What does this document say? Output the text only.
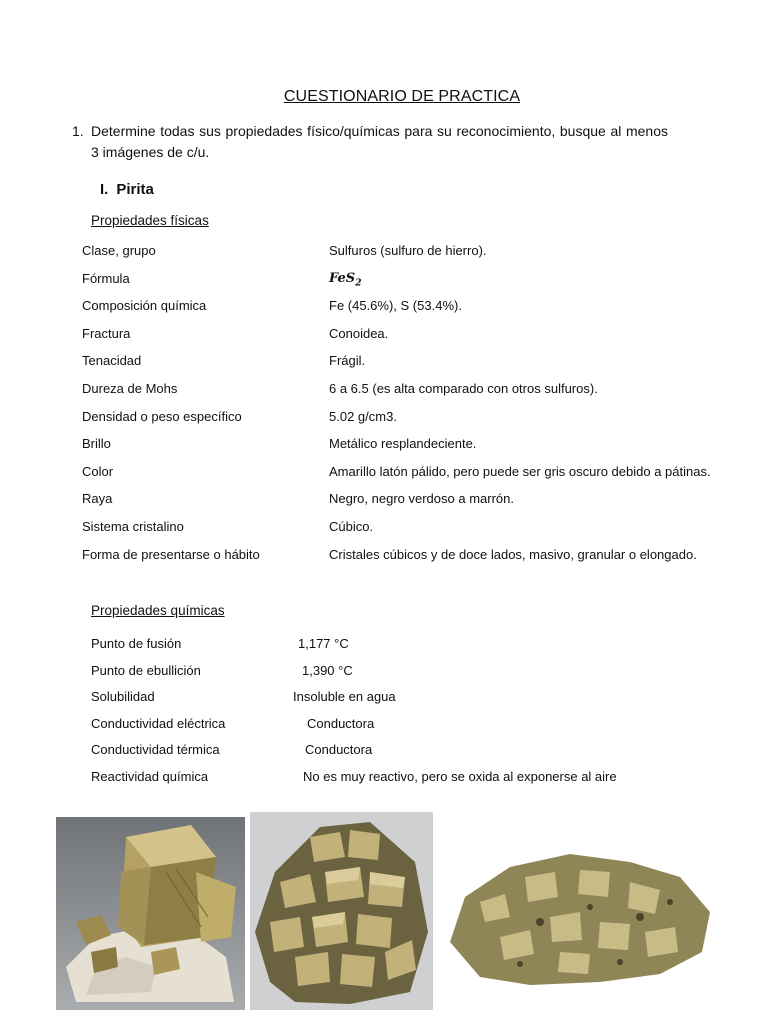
CUESTIONARIO DE PRACTICA
1. Determine todas sus propiedades físico/químicas para su reconocimiento, busque al menos 3 imágenes de c/u.
I. Pirita
Propiedades físicas
Clase, grupo	Sulfuros (sulfuro de hierro).
Fórmula	FeS$_2$
Composición química	Fe (45.6%), S (53.4%).
Fractura	Conoidea.
Tenacidad	Frágil.
Dureza de Mohs	6 a 6.5 (es alta comparado con otros sulfuros).
Densidad o peso específico	5.02 g/cm3.
Brillo	Metálico resplandeciente.
Color	Amarillo latón pálido, pero puede ser gris oscuro debido a pátinas.
Raya	Negro, negro verdoso a marrón.
Sistema cristalino	Cúbico.
Forma de presentarse o hábito	Cristales cúbicos y de doce lados, masivo, granular o elongado.
Propiedades químicas
Punto de fusión	1,177 °C
Punto de ebullición	1,390 °C
Solubilidad	Insoluble en agua
Conductividad eléctrica	Conductora
Conductividad térmica	Conductora
Reactividad química	No es muy reactivo, pero se oxida al exponerse al aire
